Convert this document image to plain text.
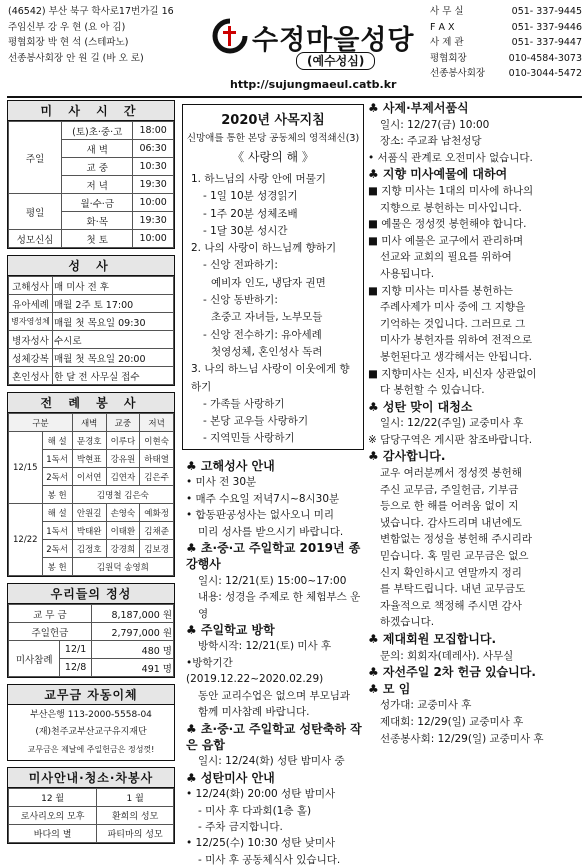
(46542) 부산 북구 학사로17번가길 16
주임신부 강 우 현 (요 아 김)
평협회장 박 현 석 (스테파노)
선종봉사회장 안 원 길 (바 오 로)
수정마을성당
(예수성심)
http://sujungmaeul.catb.kr
사 무 실	051- 337-9445
F A X	051- 337-9446
사 제 관	051- 337-9447
평협회장	010-4584-3073
선종봉사회장 010-3044-5472
미 사 시 간
주일	(토)초·중·고	18:00
	새 벽	06:30
	교 중	10:30
	저 녁	19:30
평일	월·수·금	10:00
	화·목	19:30
성모신심	첫 토	10:00
성 사
고해성사	매 미사 전 후
유아세례	매월 2주 토 17:00
병자영성체	매월 첫 목요일 09:30
병자성사	수시로
성체강복	매월 첫 목요일 20:00
혼인성사	한 달 전 사무실 접수
전 례 봉 사
구분		새벽	교중	저녁
12/15	해 설	문경호	이루다	이현숙
	1독서	박현표	강유원	하태열
	2독서	이서연	김연자	김은주
	봉 헌	김명철 김은숙		
12/22	해 설	안원길	손영숙	예화정
	1독서	박태완	이태환	김채준
	2독서	김정호	강경희	김보경
	봉 헌	김원덕 송영희		
우리들의 정성
교 무 금		8,187,000 원
주일헌금		2,797,000 원
미사참례	12/1	480 명
	12/8	491 명
교무금 자동이체
부산은행 113-2000-5558-04
(재)천주교부산교구유지재단
교무금은 제날에 주일헌금은 정성껏!
미사안내·청소·차봉사
12 월	1 월
로사리오의 모후	환희의 성모
바다의 별	파티마의 성모
2020년 사목지침
신망애를 통한 본당 공동체의 영적쇄신(3)
《 사랑의 해 》
1. 하느님의 사랑 안에 머물기
- 1일 10분 성경읽기
- 1주 20분 성체조배
- 1달 30분 성시간
2. 나의 사랑이 하느님께 향하기
- 신앙 전파하기:
예비자 인도, 냉담자 권면
- 신앙 동반하기:
초중고 자녀들, 노부모들
- 신앙 전수하기: 유아세례
첫영성체, 혼인성사 독려
3. 나의 하느님 사랑이 이웃에게 향하기
- 가족들 사랑하기
- 본당 교우들 사랑하기
- 지역민들 사랑하기
♣ 고해성사 안내
• 미사 전 30분
• 매주 수요일 저녁7시~8시30분
• 합동판공성사는 없사오니 미리
미리 성사를 받으시기 바랍니다.
♣ 초·중·고 주일학교 2019년 종강행사
일시: 12/21(토) 15:00~17:00
내용: 성경을 주제로 한 체험부스 운영
♣ 주일학교 방학
방학시작: 12/21(토) 미사 후
•방학기간(2019.12.22~2020.02.29)
동안 교리수업은 없으며 부모님과
함께 미사참례 바랍니다.
♣ 초·중·고 주일학교 성탄축하 작은 음합
일시: 12/24(화) 성탄 밤미사 중
♣ 성탄미사 안내
• 12/24(화) 20:00 성탄 밤미사
- 미사 후 다과회(1층 홀)
- 주차 금지합니다.
• 12/25(수) 10:30 성탄 낮미사
- 미사 후 공동체식사 있습니다.
♣ 사제·부제서품식
일시: 12/27(금) 10:00
장소: 주교좌 남천성당
• 서품식 관계로 오전미사 없습니다.
♣ 지향 미사예물에 대하여
■ 지향 미사는 1대의 미사에 하나의
지향으로 봉헌하는 미사입니다.
■ 예물은 정성껏 봉헌해야 합니다.
■ 미사 예물은 교구에서 관리하며
선교와 교회의 필요를 위하여
사용됩니다.
■ 지향 미사는 미사를 봉헌하는
주례사제가 미사 중에 그 지향을
기억하는 것입니다. 그러므로 그
미사가 봉헌자를 위하여 전적으로
봉헌된다고 생각해서는 안됩니다.
■ 지향미사는 신자, 비신자 상관없이
다 봉헌할 수 있습니다.
♣ 성탄 맞이 대청소
일시: 12/22(주일) 교중미사 후
※ 담당구역은 게시판 참조바랍니다.
♣ 감사합니다.
교우 여러분께서 정성껏 봉헌해
주신 교무금, 주일헌금, 기부금
등으로 한 해를 어려움 없이 지
냈습니다. 감사드리며 내년에도
변함없는 정성을 봉헌해 주시리라
믿습니다. 혹 밀린 교무금은 없으
신지 확인하시고 연말까지 정리
를 부탁드립니다. 내년 교무금도
자율적으로 책정해 주시면 감사
하겠습니다.
♣ 제대회원 모집합니다.
문의: 회회자(데레사). 사무실
♣ 자선주일 2차 헌금 있습니다.
♣ 모 임
성가대: 교중미사 후
제대회: 12/29(일) 교중미사 후
선종봉사회: 12/29(일) 교중미사 후
